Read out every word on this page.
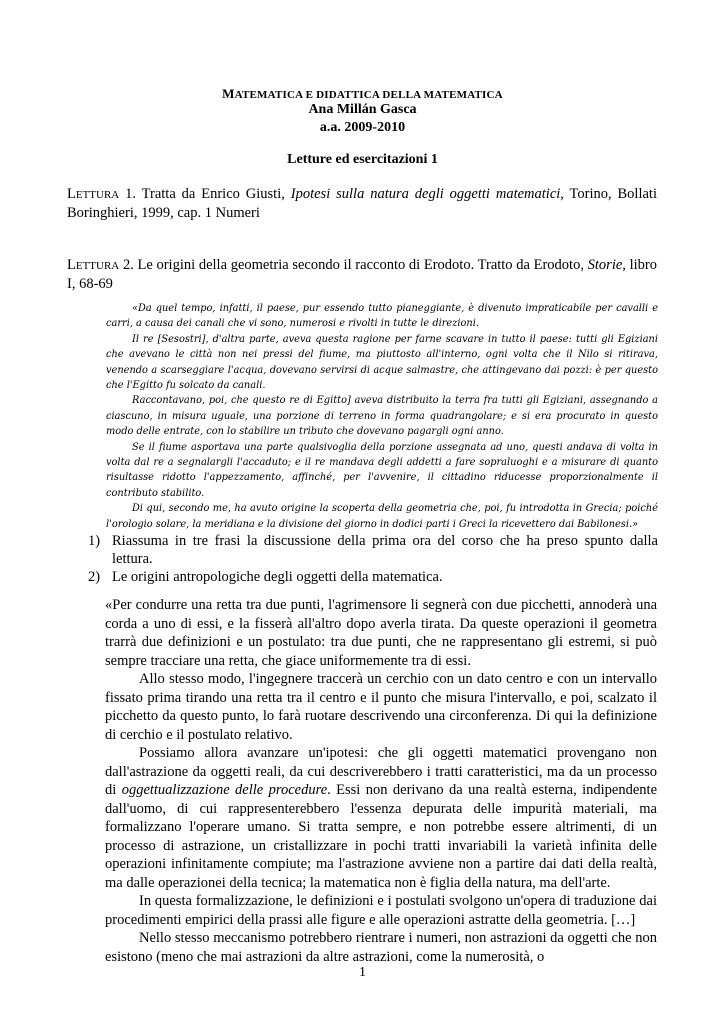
MATEMATICA E DIDATTICA DELLA MATEMATICA
Ana Millán Gasca
a.a. 2009-2010
Letture ed esercitazioni 1
LETTURA 1. Tratta da Enrico Giusti, Ipotesi sulla natura degli oggetti matematici, Torino, Bollati Boringhieri, 1999, cap. 1 Numeri
LETTURA 2. Le origini della geometria secondo il racconto di Erodoto. Tratto da Erodoto, Storie, libro I, 68-69

«Da quel tempo, infatti, il paese, pur essendo tutto pianeggiante, è divenuto impraticabile per cavalli e carri, a causa dei canali che vi sono, numerosi e rivolti in tutte le direzioni.

Il re [Sesostri], d'altra parte, aveva questa ragione per farne scavare in tutto il paese: tutti gli Egiziani che avevano le città non nei pressi del fiume, ma piuttosto all'interno, ogni volta che il Nilo si ritirava, venendo a scarseggiare l'acqua, dovevano servirsi di acque salmastre, che attingevano dai pozzi: è per questo che l'Egitto fu solcato da canali.

Raccontavano, poi, che questo re di Egitto] aveva distribuito la terra fra tutti gli Egiziani, assegnando a ciascuno, in misura uguale, una porzione di terreno in forma quadrangolare; e si era procurato in questo modo delle entrate, con lo stabilire un tributo che dovevano pagargli ogni anno.

Se il fiume asportava una parte qualsivoglia della porzione assegnata ad uno, questi andava di volta in volta dal re a segnalargli l'accaduto; e il re mandava degli addetti a fare sopraluoghi e a misurare di quanto risultasse ridotto l'appezzamento, affinché, per l'avvenire, il cittadino riducesse proporzionalmente il contributo stabilito.

Di qui, secondo me, ha avuto origine la scoperta della geometria che, poi, fu introdotta in Grecia; poiché l'orologio solare, la meridiana e la divisione del giorno in dodici parti i Greci la ricevettero dai Babilonesi.»

1) Riassuma in tre frasi la discussione della prima ora del corso che ha preso spunto dalla lettura.
2) Le origini antropologiche degli oggetti della matematica.

«Per condurre una retta tra due punti, l'agrimensore li segnerà con due picchetti, annoderà una corda a uno di essi, e la fisserà all'altro dopo averla tirata. Da queste operazioni il geometra trarrà due definizioni e un postulato: tra due punti, che ne rappresentano gli estremi, si può sempre tracciare una retta, che giace uniformemente tra di essi.

Allo stesso modo, l'ingegnere traccerà un cerchio con un dato centro e con un intervallo fissato prima tirando una retta tra il centro e il punto che misura l'intervallo, e poi, scalzato il picchetto da questo punto, lo farà ruotare descrivendo una circonferenza. Di qui la definizione di cerchio e il postulato relativo.

Possiamo allora avanzare un'ipotesi: che gli oggetti matematici provengano non dall'astrazione da oggetti reali, da cui descriverebbero i tratti caratteristici, ma da un processo di oggettualizzazione delle procedure. Essi non derivano da una realtà esterna, indipendente dall'uomo, di cui rappresenterebbero l'essenza depurata delle impurità materiali, ma formalizzano l'operare umano. Si tratta sempre, e non potrebbe essere altrimenti, di un processo di astrazione, un cristallizzare in pochi tratti invariabili la varietà infinita delle operazioni infinitamente compiute; ma l'astrazione avviene non a partire dai dati della realtà, ma dalle operazionei della tecnica; la matematica non è figlia della natura, ma dell'arte.

In questa formalizzazione, le definizioni e i postulati svolgono un'opera di traduzione dai procedimenti empirici della prassi alle figure e alle operazioni astratte della geometria. […]

Nello stesso meccanismo potrebbero rientrare i numeri, non astrazioni da oggetti che non esistono (meno che mai astrazioni da altre astrazioni, come la numerosità, o

1
